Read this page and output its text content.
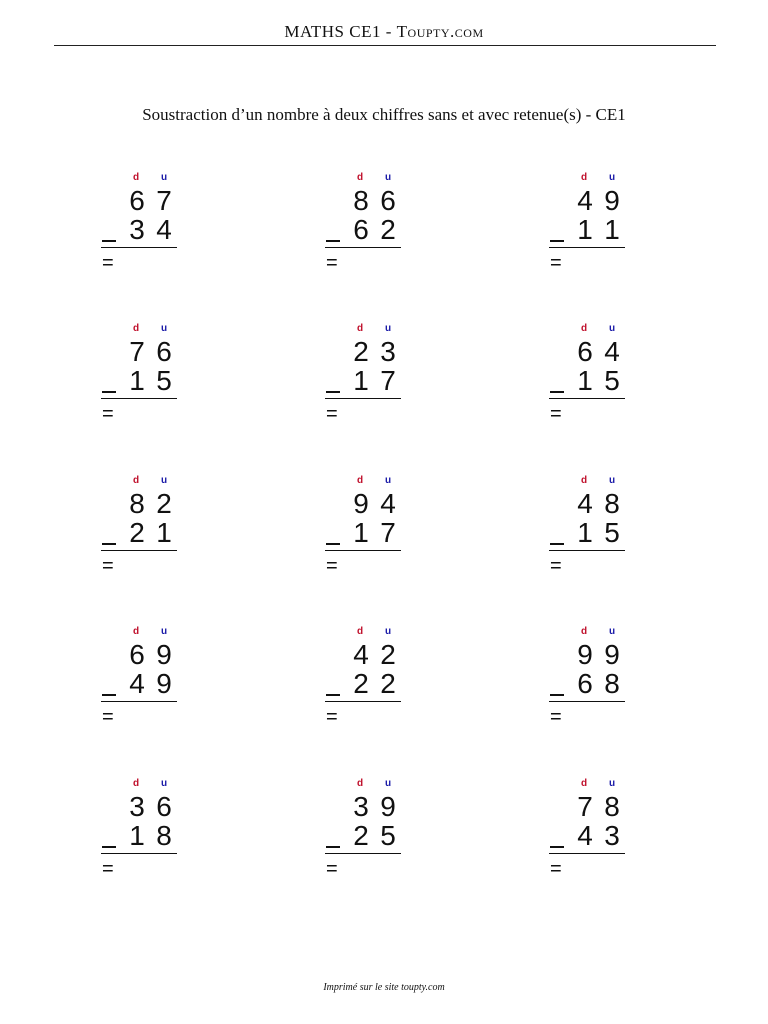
MATHS CE1 - Toupty.com
Soustraction d’un nombre à deux chiffres sans et avec retenue(s) - CE1
d u
6 7
3 4
=
d u
8 6
6 2
=
d u
4 9
1 1
=
d u
7 6
1 5
=
d u
2 3
1 7
=
d u
6 4
1 5
=
d u
8 2
2 1
=
d u
9 4
1 7
=
d u
4 8
1 5
=
d u
6 9
4 9
=
d u
4 2
2 2
=
d u
9 9
6 8
=
d u
3 6
1 8
=
d u
3 9
2 5
=
d u
7 8
4 3
=
Imprimé sur le site toupty.com
